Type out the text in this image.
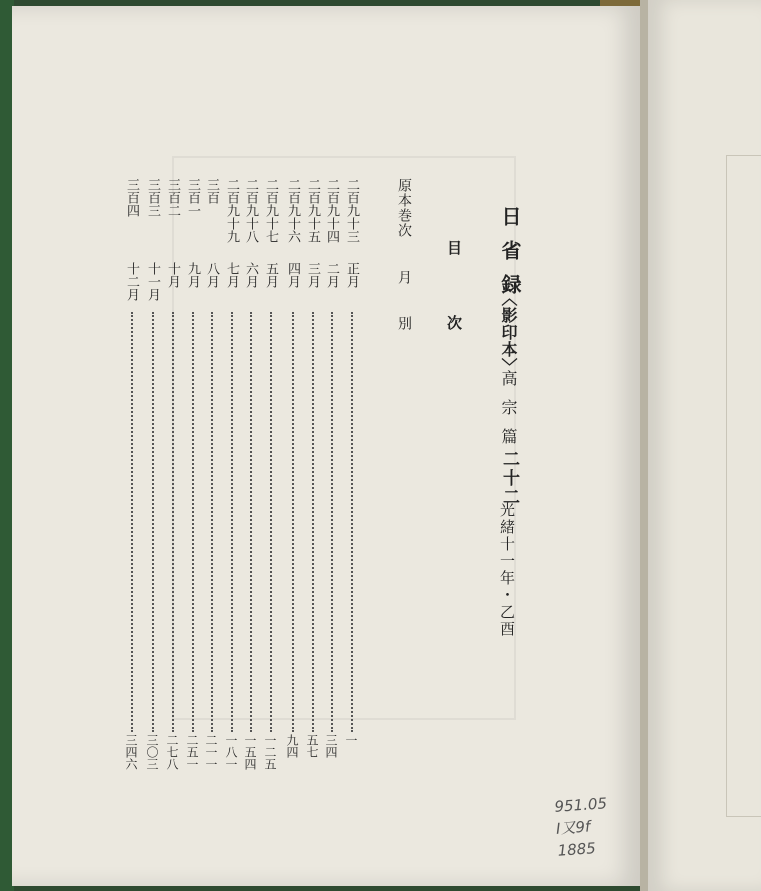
日省録
〈影印本〉
高宗篇
二十二
光緒十一年・乙酉
目次
原本巻次
月別
二百九十三
正月
一
二百九十四
二月
三四
二百九十五
三月
五七
二百九十六
四月
九四
二百九十七
五月
一二五
二百九十八
六月
一五四
二百九十九
七月
一八一
三百
八月
二一一
三百一
九月
二五一
三百二
十月
二七八
三百三
十一月
三〇三
三百四
十二月
三四六
951.05
I又9f
1885
